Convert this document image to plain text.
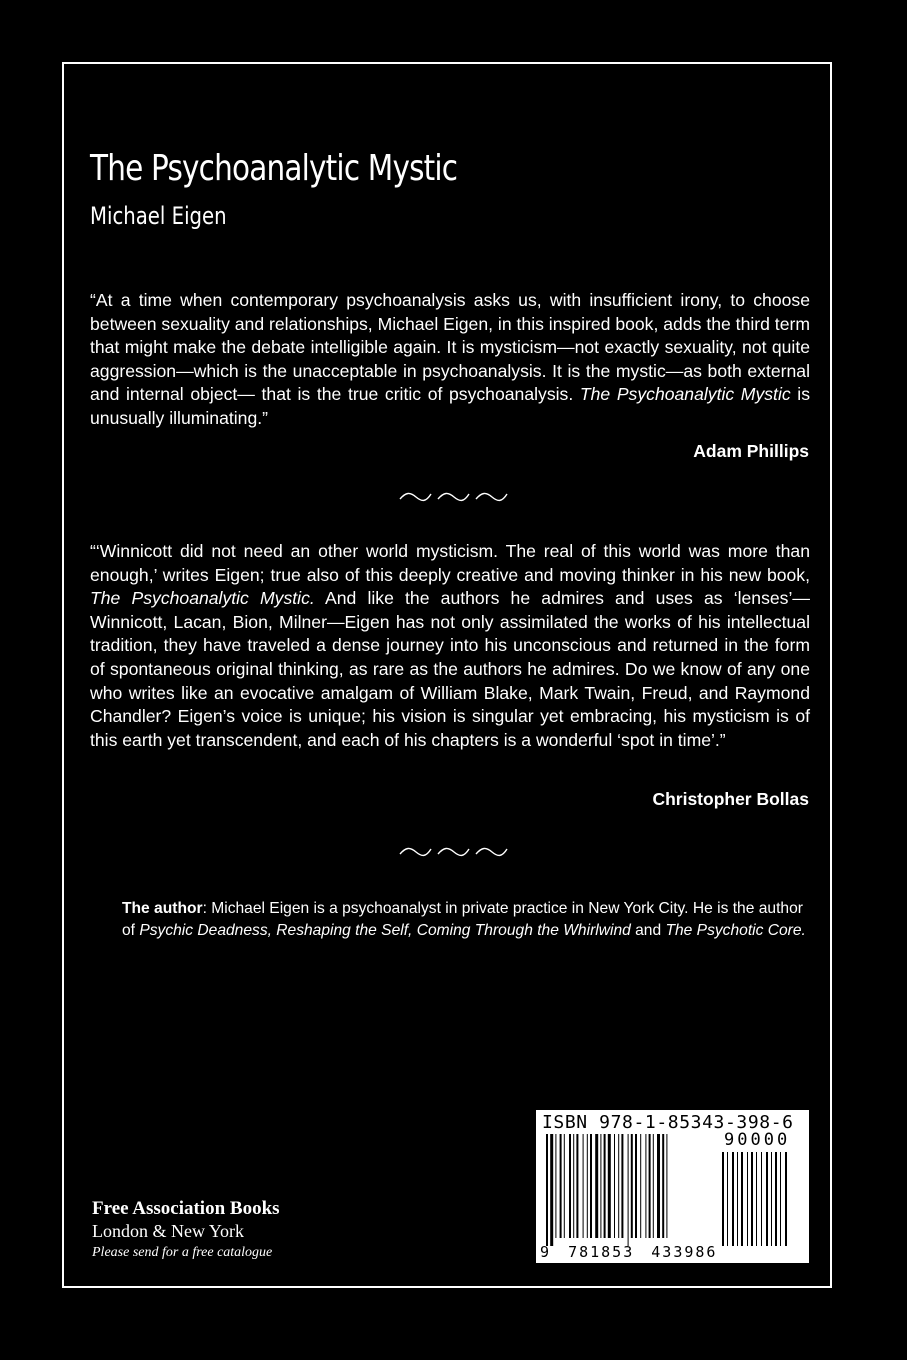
The Psychoanalytic Mystic
Michael Eigen

“At a time when contemporary psychoanalysis asks us, with insufficient irony, to choose between sexuality and relationships, Michael Eigen, in this inspired book, adds the third term that might make the debate intelligible again. It is mysticism—not exactly sexuality, not quite aggression—which is the unacceptable in psychoanalysis. It is the mystic—as both external and internal object— that is the true critic of psychoanalysis. The Psychoanalytic Mystic is unusually illuminating.”

Adam Phillips

“‘Winnicott did not need an other world mysticism. The real of this world was more than enough,’ writes Eigen; true also of this deeply creative and moving thinker in his new book, The Psychoanalytic Mystic. And like the authors he admires and uses as ‘lenses’—Winnicott, Lacan, Bion, Milner—Eigen has not only assimilated the works of his intellectual tradition, they have traveled a dense journey into his unconscious and returned in the form of spontaneous original thinking, as rare as the authors he admires. Do we know of any one who writes like an evocative amalgam of William Blake, Mark Twain, Freud, and Raymond Chandler? Eigen’s voice is unique; his vision is singular yet embracing, his mysticism is of this earth yet transcendent, and each of his chapters is a wonderful ‘spot in time’.”

Christopher Bollas

The author: Michael Eigen is a psychoanalyst in private practice in New York City. He is the author of Psychic Deadness, Reshaping the Self, Coming Through the Whirlwind and The Psychotic Core.

Free Association Books
London & New York
Please send for a free catalogue
ISBN 978-1-85343-398-6
90000
9 781853 433986
